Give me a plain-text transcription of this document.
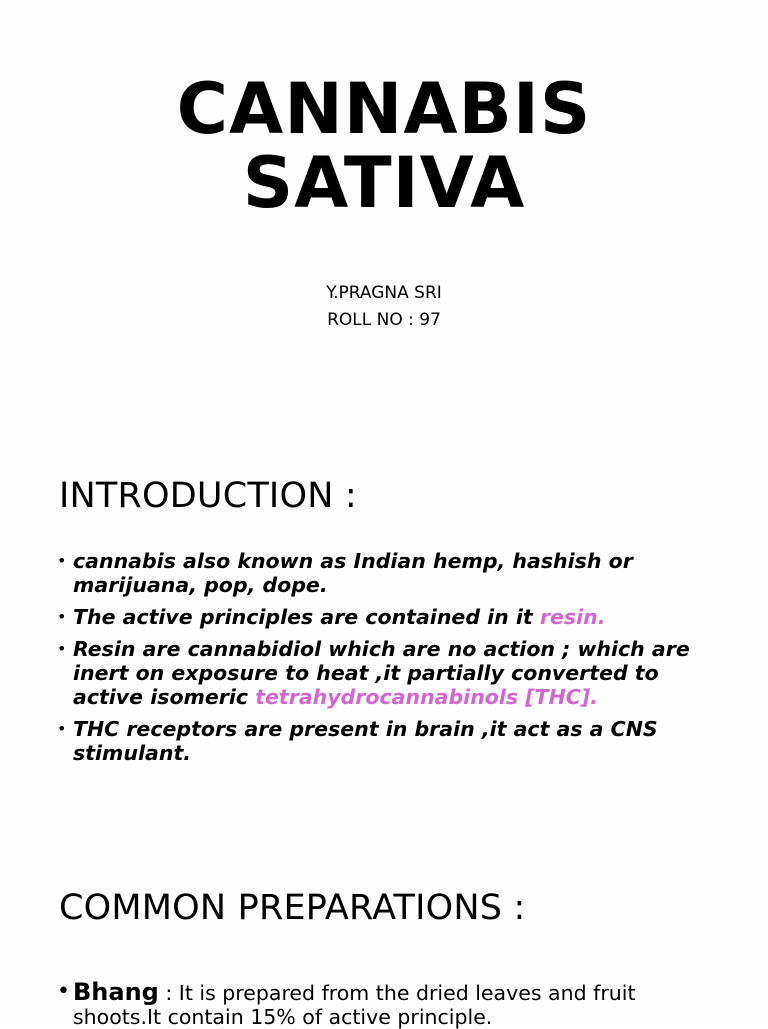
CANNABIS
SATIVA
Y.PRAGNA SRI
ROLL NO : 97
INTRODUCTION :
• cannabis also known as Indian hemp, hashish or marijuana, pop, dope.
• The active principles are contained in it resin.
• Resin are cannabidiol which are no action ; which are inert on exposure to heat ,it partially converted to active isomeric tetrahydrocannabinols [THC].
• THC receptors are present in brain ,it act as a CNS stimulant.
COMMON PREPARATIONS :
• Bhang : It is prepared from the dried leaves and fruit shoots.It contain 15% of active principle.
